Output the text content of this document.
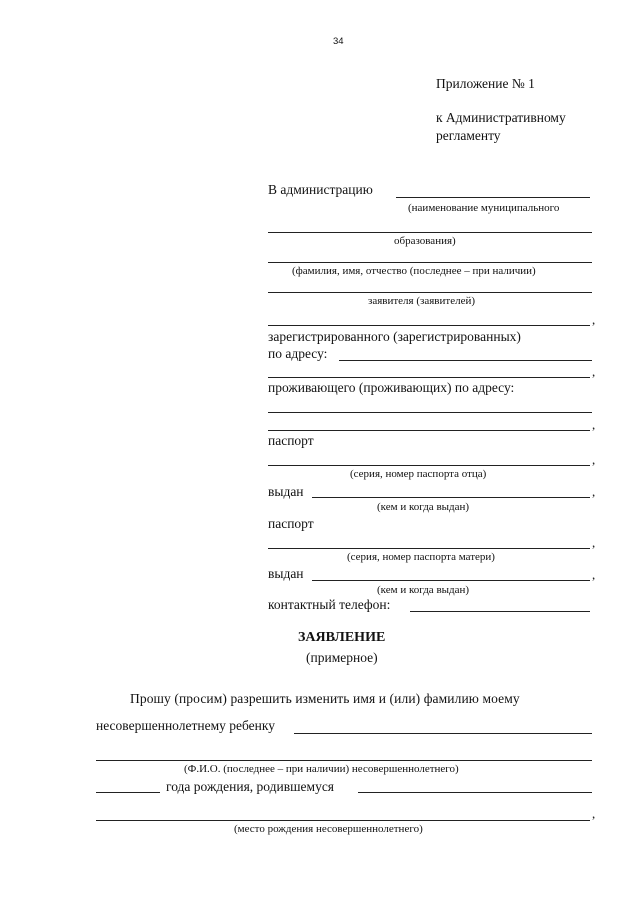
34
Приложение № 1
к Административному
регламенту
В администрацию
(наименование муниципального
образования)
(фамилия, имя, отчество (последнее – при наличии)
заявителя (заявителей)
,
зарегистрированного (зарегистрированных)
по адресу:
,
проживающего (проживающих) по адресу:
,
паспорт
,
(серия, номер паспорта отца)
выдан	,
(кем и когда выдан)
паспорт
,
(серия, номер паспорта матери)
выдан	,
(кем и когда выдан)
контактный телефон:
ЗАЯВЛЕНИЕ
(примерное)
Прошу (просим) разрешить изменить имя и (или) фамилию моему
несовершеннолетнему ребенку
(Ф.И.О. (последнее – при наличии) несовершеннолетнего)
года рождения, родившемуся
,
(место рождения несовершеннолетнего)
